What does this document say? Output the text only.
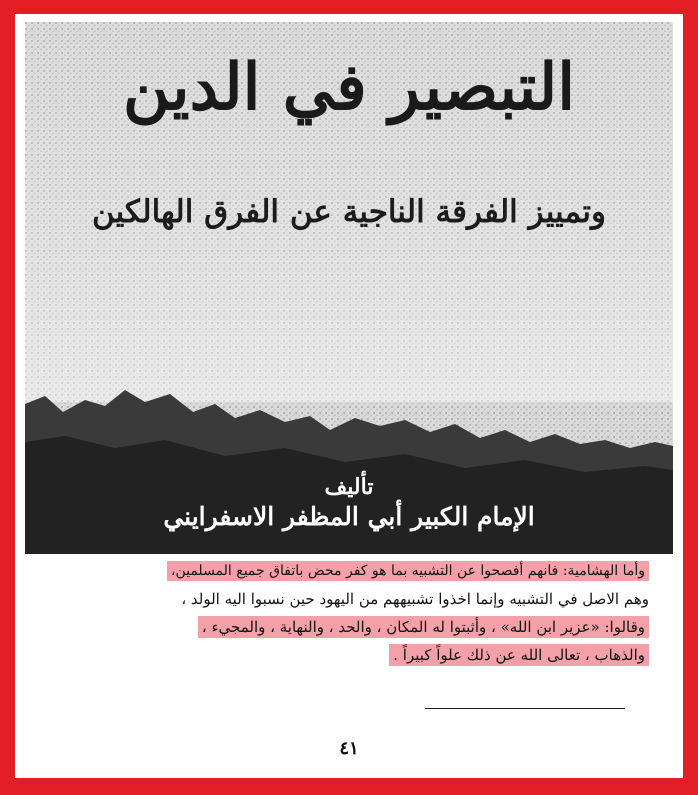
التبصير في الدين
وتمييز الفرقة الناجية عن الفرق الهالكين
تأليف
الإمام الكبير أبي المظفر الاسفرايني
وأما الهشامية: فانهم أفصحوا عن التشبيه بما هو كفر محض باتفاق جميع المسلمين،
وهم الاصل في التشبيه وإنما اخذوا تشبيههم من اليهود حين نسبوا اليه الولد ،
وقالوا: «عزير ابن الله» ، وأثبتوا له المكان ، والحد ، والنهاية ، والمجيء ،
والذهاب ، تعالى الله عن ذلك علواً كبيراً .
٤١
